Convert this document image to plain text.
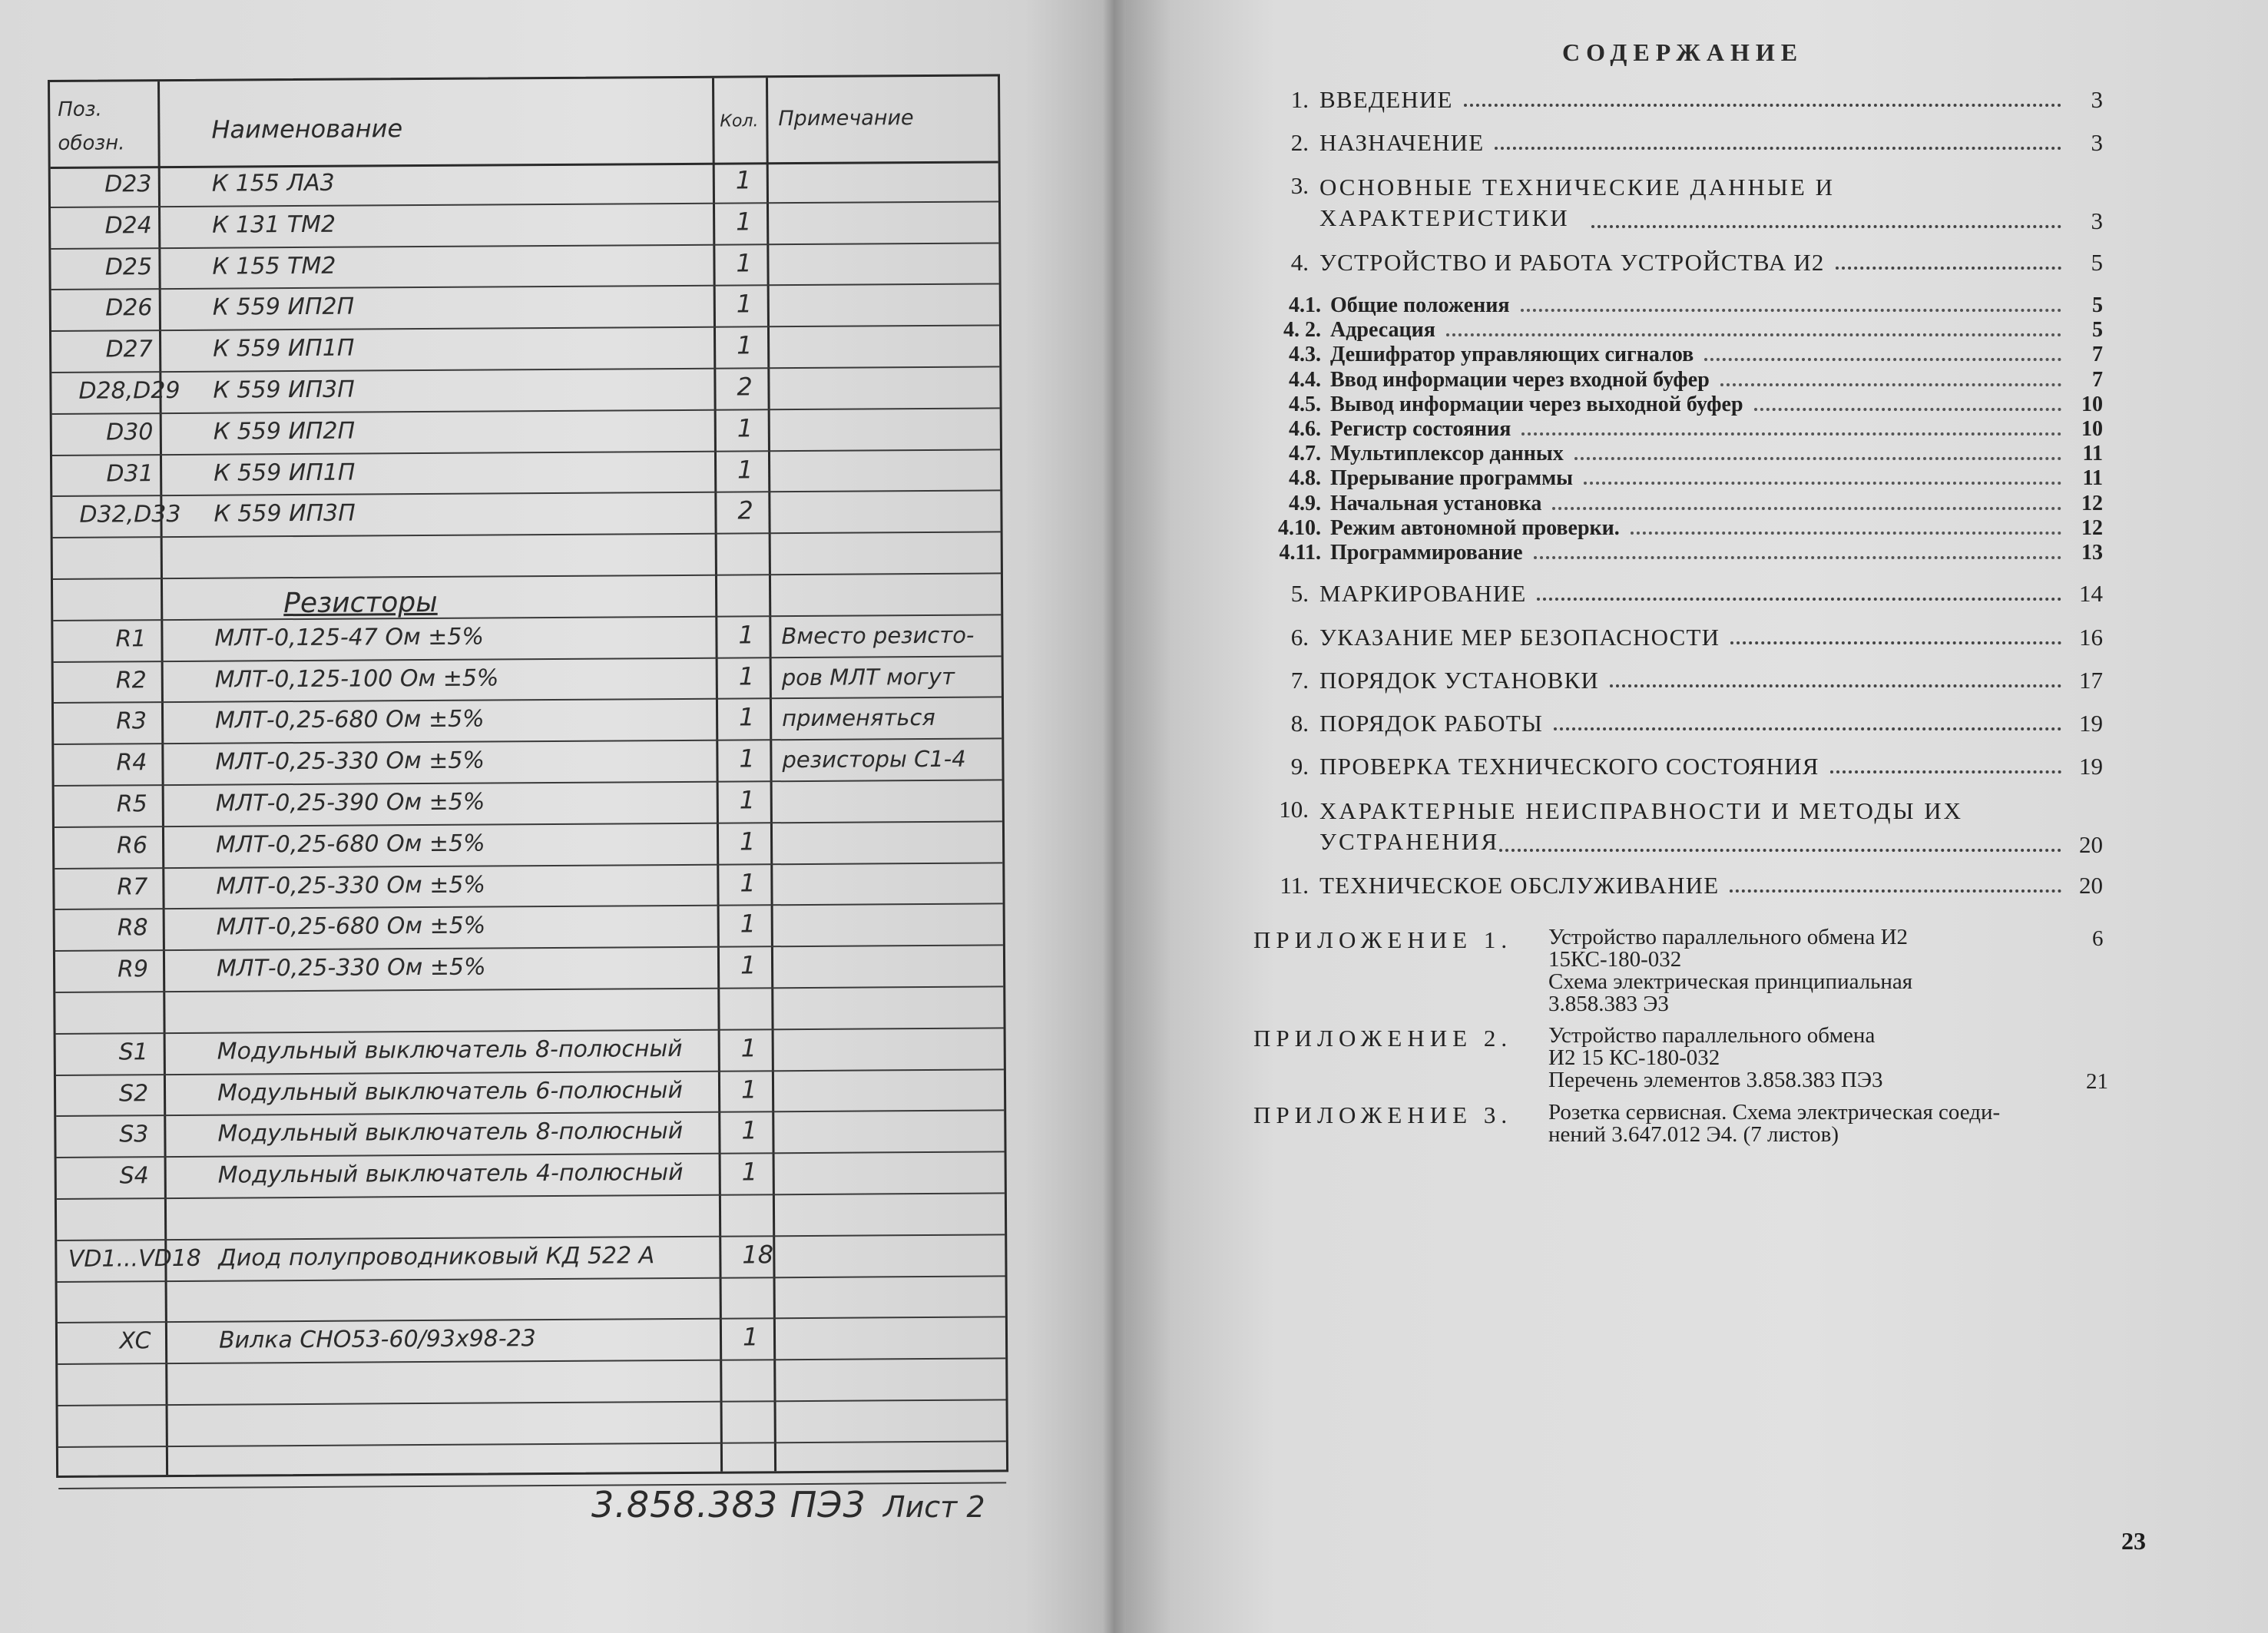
Поз. обозн.	Наименование	Кол. Примечание
D23	К 155 ЛА3	1
D24	К 131 ТМ2	1
D25	К 155 ТМ2	1
D26	К 559 ИП2П	1
D27	К 559 ИП1П	1
D28,D29	К 559 ИП3П	2
D30	К 559 ИП2П	1
D31	К 559 ИП1П	1
D32,D33	К 559 ИП3П	2
Резисторы
R1	МЛТ-0,125-47 Ом ±5%	1 Вместо резисто-
R2	МЛТ-0,125-100 Ом ±5%	1 ров МЛТ могут
R3	МЛТ-0,25-680 Ом ±5%	1 применяться
R4	МЛТ-0,25-330 Ом ±5%	1 резисторы С1-4
R5	МЛТ-0,25-390 Ом ±5%	1
R6	МЛТ-0,25-680 Ом ±5%	1
R7	МЛТ-0,25-330 Ом ±5%	1
R8	МЛТ-0,25-680 Ом ±5%	1
R9	МЛТ-0,25-330 Ом ±5%	1
S1	Модульный выключатель 8-полюсный 1
S2	Модульный выключатель 6-полюсный 1
S3	Модульный выключатель 8-полюсный 1
S4	Модульный выключатель 4-полюсный 1
VD1...VD18 Диод полупроводниковый КД 522 А	18
XC	Вилка СНО53-60/93х98-23	1
3.858.383 ПЭ3 Лист 2
СОДЕРЖАНИЕ
1. ВВЕДЕНИЕ	3
2. НАЗНАЧЕНИЕ	3
3. ОСНОВНЫЕ ТЕХНИЧЕСКИЕ ДАННЫЕ И ХАРАКТЕРИСТИКИ	3
4. УСТРОЙСТВО И РАБОТА УСТРОЙСТВА И2	5
4.1. Общие положения	5
4. 2. Адресация	5
4.3. Дешифратор управляющих сигналов	7
4.4. Ввод информации через входной буфер	7
4.5. Вывод информации через выходной буфер	10
4.6. Регистр состояния	10
4.7. Мультиплексор данных	11
4.8. Прерывание программы	11
4.9. Начальная установка	12
4.10. Режим автономной проверки.	12
4.11. Программирование	13
5. МАРКИРОВАНИЕ	14
6. УКАЗАНИЕ МЕР БЕЗОПАСНОСТИ	16
7. ПОРЯДОК УСТАНОВКИ	17
8. ПОРЯДОК РАБОТЫ	19
9. ПРОВЕРКА ТЕХНИЧЕСКОГО СОСТОЯНИЯ	19
10. ХАРАКТЕРНЫЕ НЕИСПРАВНОСТИ И МЕТОДЫ ИХ УСТРАНЕНИЯ	20
11. ТЕХНИЧЕСКОЕ ОБСЛУЖИВАНИЕ	20
ПРИЛОЖЕНИЕ 1. Устройство параллельного обмена И2
15КС-180-032
Схема электрическая принципиальная
3.858.383 Э3
6
ПРИЛОЖЕНИЕ 2. Устройство параллельного обмена
И2 15 КС-180-032
Перечень элементов 3.858.383 ПЭ3	21
ПРИЛОЖЕНИЕ 3. Розетка сервисная. Схема электрическая соеди-
нений 3.647.012 Э4. (7 листов)
23
